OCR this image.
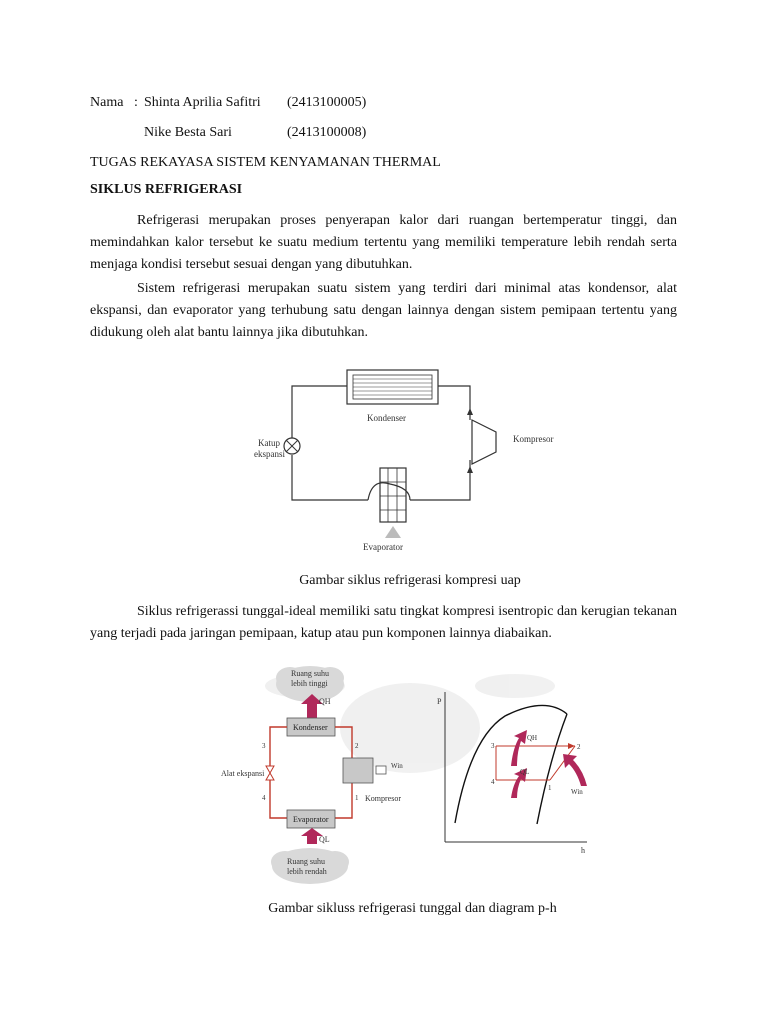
Nama : Shinta Aprilia Safitri (2413100005)
Nike Besta Sari	(2413100008)
TUGAS REKAYASA SISTEM KENYAMANAN THERMAL
SIKLUS REFRIGERASI
Refrigerasi merupakan proses penyerapan kalor dari ruangan bertemperatur tinggi, dan memindahkan kalor tersebut ke suatu medium tertentu yang memiliki temperature lebih rendah serta menjaga kondisi tersebut sesuai dengan yang dibutuhkan.
Sistem refrigerasi merupakan suatu sistem yang terdiri dari minimal atas kondensor, alat ekspansi, dan evaporator yang terhubung satu dengan lainnya dengan sistem pemipaan tertentu yang didukung oleh alat bantu lainnya jika dibutuhkan.
Kondenser
Kompresor
Katup
ekspansi
Evaporator
Gambar siklus refrigerasi kompresi uap
Siklus refrigerassi tunggal-ideal memiliki satu tingkat kompresi isentropic dan kerugian tekanan yang terjadi pada jaringan pemipaan, katup atau pun komponen lainnya diabaikan.
Ruang suhu
lebih tinggi
QH
Kondenser
Alat ekspansi
Win
Kompresor
3	2
4	1
Evaporator
QL
Ruang suhu
lebih rendah
P
h
3	2
4
1
QH
QL
Win
Gambar sikluss refrigerasi tunggal dan diagram p-h
